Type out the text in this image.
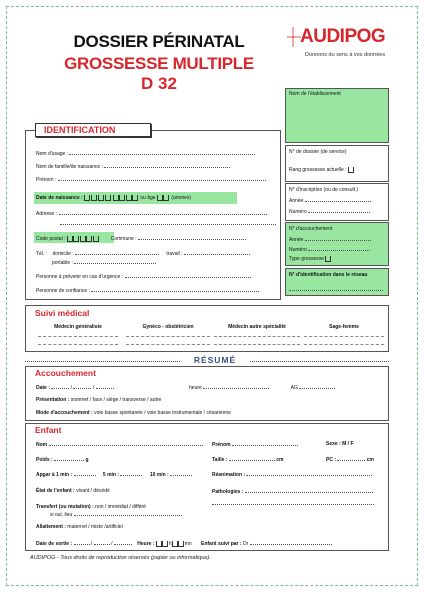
DOSSIER PÉRINATAL
GROSSESSE MULTIPLE
D 32
AUDIPOG
Donnons du sens à vos données
Nom de l'établissement
IDENTIFICATION
Nom d'usage :
Nom de famille/de naissance :
Prénom :
Date de naissance :	ou âge	(années)
Adresse :
Code postal :	Commune :
Tél. : domicile :	travail :
portable :
Personne à prévenir en cas d'urgence :
Personne de confiance :
N° de dossier (de service)
Rang grossesse actuelle :
N° d'inscription (ou de consult.)
Année
Numéro
N° d'accouchement
Année
Numéro
Type grossesse
N° d'identification dans le réseau
Suivi médical
Médecin généraliste	Gynéco - obstétricien	Médecin autre spécialité	Sage-femme
RÉSUMÉ
Accouchement
Date :	/	/	heure	AG
Présentation : sommet / face / siège / transverse / autre
Mode d'accouchement : voie basse spontanée / voie basse instrumentale / césarienne
Enfant
Nom	Prénom	Sexe : M / F
Poids :	g	Taille :	cm	PC :	cm
Apgar à 1 min :	5 min :	10 min :	Réanimation :
État de l'enfant : vivant / décédé	Pathologies :
Transfert (ou mutation) : non / immédiat / différé
si oui, lieu
Allaitement : maternel / mixte /artificiel
Date de sortie :	/	/	Heure :	h	mn Enfant suivi par : Dr
AUDIPOG - Tous droits de reproduction réservés (papier ou informatique).
